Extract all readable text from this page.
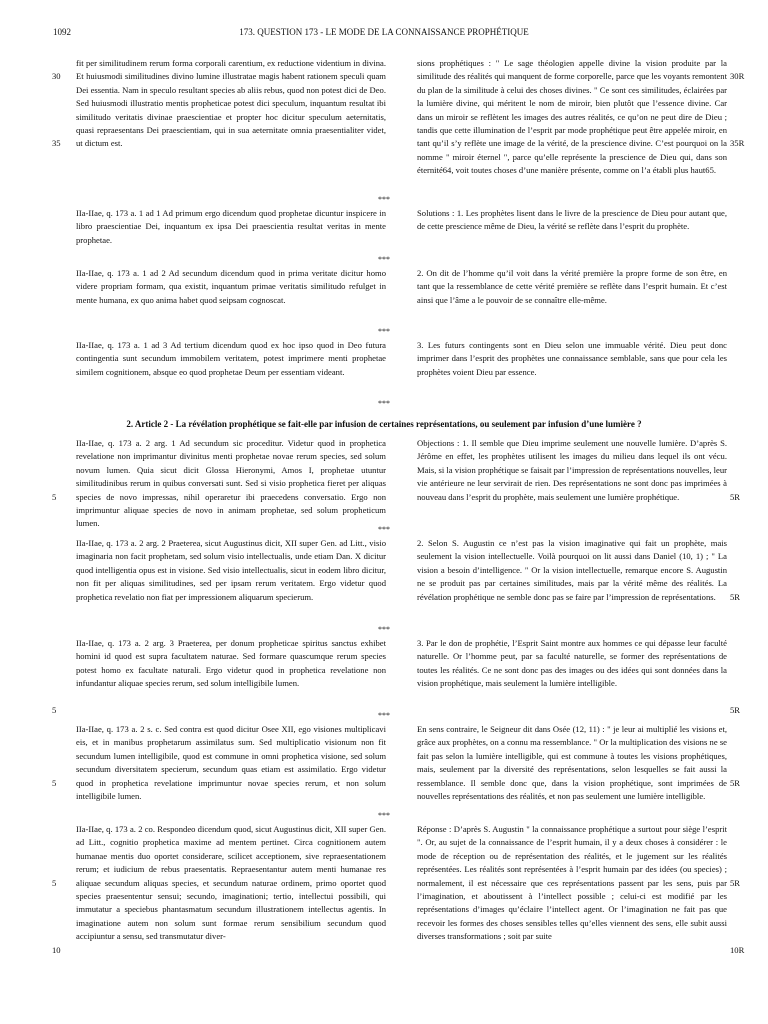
1092	173. QUESTION 173 - LE MODE DE LA CONNAISSANCE PROPHÉTIQUE
fit per similitudinem rerum forma corporali carentium, ex reductione videntium in divina. Et huiusmodi similitudines divino lumine illustratae magis habent rationem speculi quam Dei essentia. Nam in speculo resultant species ab aliis rebus, quod non potest dici de Deo. Sed huiusmodi illustratio mentis propheticae potest dici speculum, inquantum resultat ibi similitudo veritatis divinae praescientiae et propter hoc dicitur speculum aeternitatis, quasi repraesentans Dei praescientiam, qui in sua aeternitate omnia praesentialiter videt, ut dictum est.
sions prophétiques : " Le sage théologien appelle divine la vision produite par la similitude des réalités qui manquent de forme corporelle, parce que les voyants remontent du plan de la similitude à celui des choses divines. " Ce sont ces similitudes, éclairées par la lumière divine, qui méritent le nom de miroir, bien plutôt que l’essence divine. Car dans un miroir se reflètent les images des autres réalités, ce qu’on ne peut dire de Dieu ; tandis que cette illumination de l’esprit par mode prophétique peut être appelée miroir, en tant qu’il s’y reflète une image de la vérité, de la prescience divine. C’est pourquoi on la nomme " miroir éternel ", parce qu’elle représente la prescience de Dieu qui, dans son éternité64, voit toutes choses d’une manière présente, comme on l’a établi plus haut65.
30
35
30R
35R
***
IIa-IIae, q. 173 a. 1 ad 1 Ad primum ergo dicendum quod prophetae dicuntur inspicere in libro praescientiae Dei, inquantum ex ipsa Dei praescientia resultat veritas in mente prophetae.
Solutions : 1. Les prophètes lisent dans le livre de la prescience de Dieu pour autant que, de cette prescience même de Dieu, la vérité se reflète dans l’esprit du prophète.
***
IIa-IIae, q. 173 a. 1 ad 2 Ad secundum dicendum quod in prima veritate dicitur homo videre propriam formam, qua existit, inquantum primae veritatis similitudo refulget in mente humana, ex quo anima habet quod seipsam cognoscat.
2. On dit de l’homme qu’il voit dans la vérité première la propre forme de son être, en tant que la ressemblance de cette vérité première se reflète dans l’esprit humain. Et c’est ainsi que l’âme a le pouvoir de se connaître elle-même.
***
IIa-IIae, q. 173 a. 1 ad 3 Ad tertium dicendum quod ex hoc ipso quod in Deo futura contingentia sunt secundum immobilem veritatem, potest imprimere menti prophetae similem cognitionem, absque eo quod prophetae Deum per essentiam videant.
3. Les futurs contingents sont en Dieu selon une immuable vérité. Dieu peut donc imprimer dans l’esprit des prophètes une connaissance semblable, sans que pour cela les prophètes voient Dieu par essence.
***
2. Article 2 - La révélation prophétique se fait-elle par infusion de certaines représentations, ou seulement par infusion d’une lumière ?
IIa-IIae, q. 173 a. 2 arg. 1 Ad secundum sic proceditur. Videtur quod in prophetica revelatione non imprimantur divinitus menti prophetae novae rerum species, sed solum novum lumen. Quia sicut dicit Glossa Hieronymi, Amos I, prophetae utuntur similitudinibus rerum in quibus conversati sunt. Sed si visio prophetica fieret per aliquas species de novo impressas, nihil operaretur ibi praecedens conversatio. Ergo non imprimuntur aliquae species de novo in animam prophetae, sed solum propheticum lumen.
Objections : 1. Il semble que Dieu imprime seulement une nouvelle lumière. D’après S. Jérôme en effet, les prophètes utilisent les images du milieu dans lequel ils ont vécu. Mais, si la vision prophétique se faisait par l’impression de représentations nouvelles, leur vie antérieure ne leur servirait de rien. Des représentations ne sont donc pas imprimées à nouveau dans l’esprit du prophète, mais seulement une lumière prophétique.
5	5R
***
IIa-IIae, q. 173 a. 2 arg. 2 Praeterea, sicut Augustinus dicit, XII super Gen. ad Litt., visio imaginaria non facit prophetam, sed solum visio intellectualis, unde etiam Dan. X dicitur quod intelligentia opus est in visione. Sed visio intellectualis, sicut in eodem libro dicitur, non fit per aliquas similitudines, sed per ipsam rerum veritatem. Ergo videtur quod prophetica revelatio non fiat per impressionem aliquarum specierum.
2. Selon S. Augustin ce n’est pas la vision imaginative qui fait un prophète, mais seulement la vision intellectuelle. Voilà pourquoi on lit aussi dans Daniel (10, 1) ; " La vision a besoin d’intelligence. " Or la vision intellectuelle, remarque encore S. Augustin ne se produit pas par certaines similitudes, mais par la vérité même des réalités. La révélation prophétique ne semble donc pas se faire par l’impression de représentations.	5R
***
IIa-IIae, q. 173 a. 2 arg. 3 Praeterea, per donum propheticae spiritus sanctus exhibet homini id quod est supra facultatem naturae. Sed formare quascumque rerum species potest homo ex facultate naturali. Ergo videtur quod in prophetica revelatione non infundantur aliquae species rerum, sed solum intelligibile lumen.
3. Par le don de prophétie, l’Esprit Saint montre aux hommes ce qui dépasse leur faculté naturelle. Or l’homme peut, par sa faculté naturelle, se former des représentations de toutes les réalités. Ce ne sont donc pas des images ou des idées qui sont données dans la vision prophétique, mais seulement la lumière intelligible.
5	5R
***
IIa-IIae, q. 173 a. 2 s. c. Sed contra est quod dicitur Osee XII, ego visiones multiplicavi eis, et in manibus prophetarum assimilatus sum. Sed multiplicatio visionum non fit secundum lumen intelligibile, quod est commune in omni prophetica visione, sed solum secundum diversitatem specierum, secundum quas etiam est assimilatio. Ergo videtur quod in prophetica revelatione imprimuntur novae species rerum, et non solum intelligibile lumen.
En sens contraire, le Seigneur dit dans Osée (12, 11) : " je leur ai multiplié les visions et, grâce aux prophètes, on a connu ma ressemblance. " Or la multiplication des visions ne se fait pas selon la lumière intelligible, qui est commune à toutes les visions prophétiques, mais, seulement par la diversité des représentations, selon lesquelles se fait aussi la ressemblance. Il semble donc que, dans la vision prophétique, sont imprimées de nouvelles représentations des réalités, et non pas seulement une lumière intelligible.
5	5R
***
IIa-IIae, q. 173 a. 2 co. Respondeo dicendum quod, sicut Augustinus dicit, XII super Gen. ad Litt., cognitio prophetica maxime ad mentem pertinet. Circa cognitionem autem humanae mentis duo oportet considerare, scilicet acceptionem, sive repraesentationem rerum; et iudicium de rebus praesentatis. Repraesentantur autem menti humanae res aliquae secundum aliquas species, et secundum naturae ordinem, primo oportet quod species praesententur sensui; secundo, imaginationi; tertio, intellectui possibili, qui immutatur a speciebus phantasmatum secundum illustrationem intellectus agentis. In imaginatione autem non solum sunt formae rerum sensibilium secundum quod accipiuntur a sensu, sed transmutatur diver-
Réponse : D’après S. Augustin " la connaissance prophétique a surtout pour siège l’esprit ". Or, au sujet de la connaissance de l’esprit humain, il y a deux choses à considérer : le mode de réception ou de représentation des réalités, et le jugement sur les réalités représentées. Les réalités sont représentées à l’esprit humain par des idées (ou species) ; normalement, il est nécessaire que ces représentations passent par les sens, puis par l’imagination, et aboutissent à l’intellect possible ; celui-ci est modifié par les représentations d’images qu’éclaire l’intellect agent. Or l’imagination ne fait pas que recevoir les formes des choses sensibles telles qu’elles viennent des sens, elle subit aussi diverses transformations ; soit par suite
5
10
5R
10R
